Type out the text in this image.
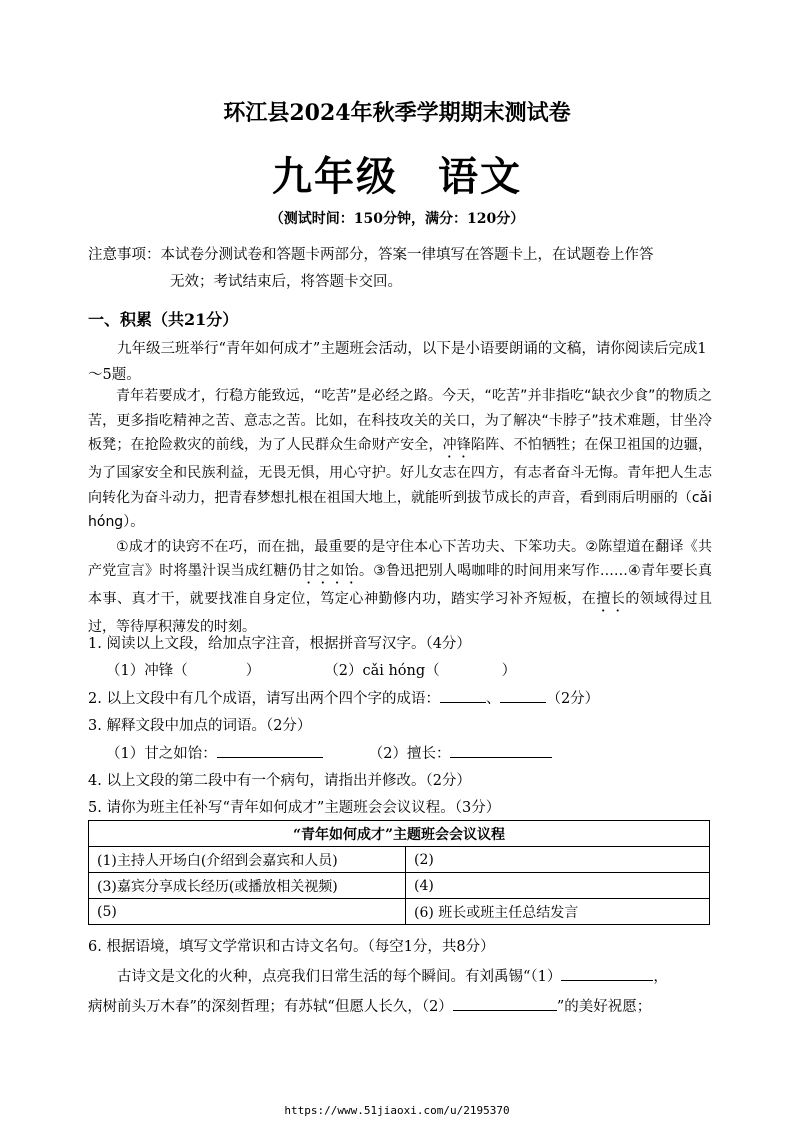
环江县2024年秋季学期期末测试卷
九年级 语文
（测试时间：150分钟，满分：120分）
注意事项：本试卷分测试卷和答题卡两部分，答案一律填写在答题卡上，在试题卷上作答
无效；考试结束后，将答题卡交回。
一、积累（共21分）
九年级三班举行“青年如何成才”主题班会活动，以下是小语要朗诵的文稿，请你阅读后完成1～5题。

青年若要成才，行稳方能致远，“吃苦”是必经之路。今天，“吃苦”并非指吃“缺衣少食”的物质之苦，更多指吃精神之苦、意志之苦。比如，在科技攻关的关口，为了解决“卡脖子”技术难题，甘坐冷板凳；在抢险救灾的前线，为了人民群众生命财产安全，冲锋陷阵、不怕牺牲；在保卫祖国的边疆，为了国家安全和民族利益，无畏无惧，用心守护。好儿女志在四方，有志者奋斗无悔。青年把人生志向转化为奋斗动力，把青春梦想扎根在祖国大地上，就能听到拔节成长的声音，看到雨后明丽的（cǎi hóng）。

①成才的诀窍不在巧，而在拙，最重要的是守住本心下苦功夫、下笨功夫。②陈望道在翻译《共产党宣言》时将墨汁误当成红糖仍甘之如饴。③鲁迅把别人喝咖啡的时间用来写作……④青年要长真本事、真才干，就要找准自身定位，笃定心神勤修内功，踏实学习补齐短板，在擅长的领域得过且过，等待厚积薄发的时刻。

1. 阅读以上文段，给加点字注音，根据拼音写汉字。（4分）
（1）冲锋（	）	（2）cǎi hóng（	）
2. 以上文段中有几个成语，请写出两个四个字的成语：	、	（2分）
3. 解释文段中加点的词语。（2分）
（1）甘之如饴：	（2）擅长：
4. 以上文段的第二段中有一个病句，请指出并修改。（2分）
5. 请你为班主任补写“青年如何成才”主题班会会议议程。（3分）
“青年如何成才”主题班会会议议程	
(1)主持人开场白(介绍到会嘉宾和人员)	(2)
(3)嘉宾分享成长经历(或播放相关视频)	(4)
(5)	(6) 班长或班主任总结发言
6. 根据语境，填写文学常识和古诗文名句。（每空1分，共8分）

古诗文是文化的火种，点亮我们日常生活的每个瞬间。有刘禹锡“（1）	，

病树前头万木春”的深刻哲理；有苏轼“但愿人长久，（2）	”的美好祝愿；
https://www.51jiaoxi.com/u/2195370
